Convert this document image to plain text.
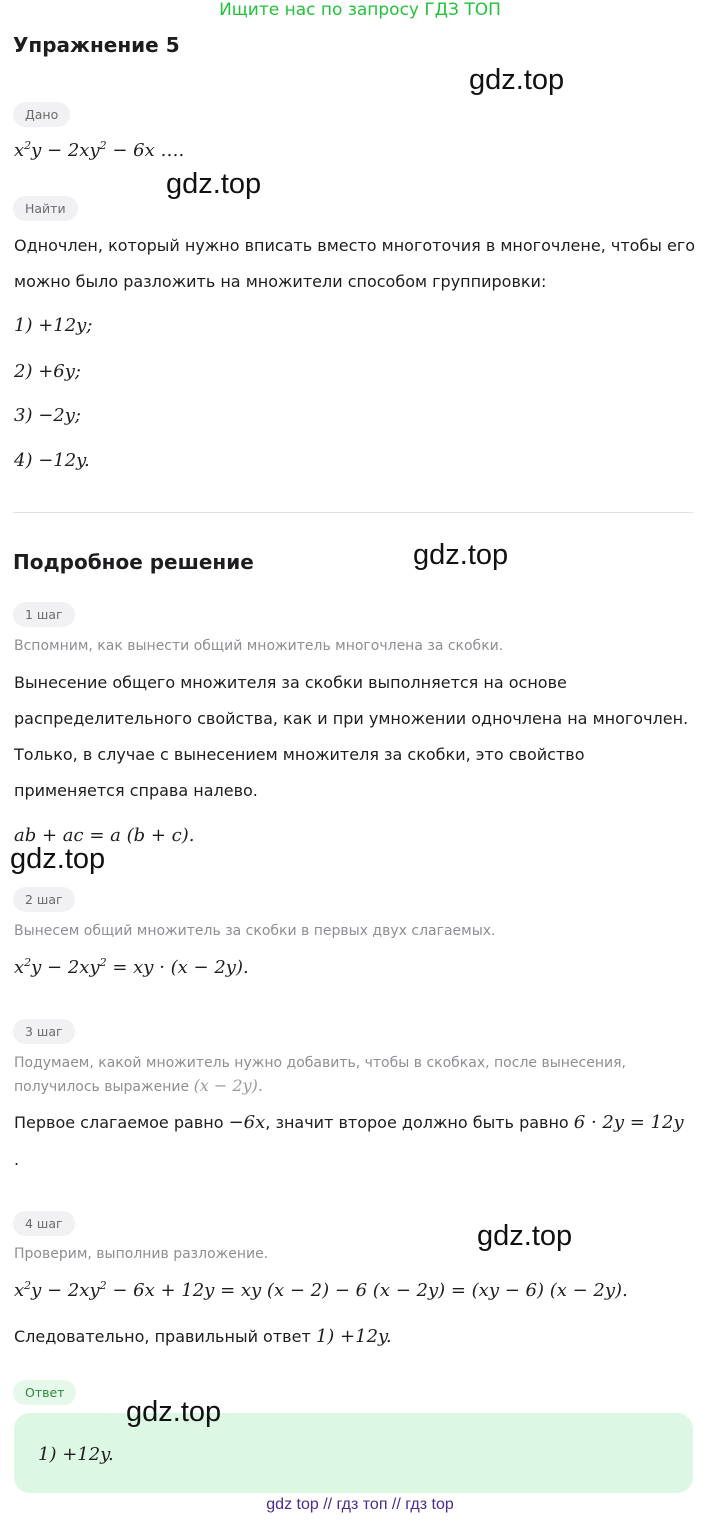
Ищите нас по запросу ГДЗ ТОП
Упражнение 5
gdz.top
Дано
$x^2y - 2xy^2 - 6x$ ….
gdz.top
Найти
Одночлен, который нужно вписать вместо многоточия в многочлене, чтобы его
можно было разложить на множители способом группировки:
1) +12y;
2) +6y;
3) −2y;
4) −12y.
Подробное решение	gdz.top
1 шаг
Вспомним, как вынести общий множитель многочлена за скобки.
Вынесение общего множителя за скобки выполняется на основе
распределительного свойства, как и при умножении одночлена на многочлен.
Только, в случае с вынесением множителя за скобки, это свойство
применяется справа налево.
ab + ac = a (b + c).
gdz.top
2 шаг
Вынесем общий множитель за скобки в первых двух слагаемых.
$x^2y - 2xy^2$ = xy · (x − 2y).
3 шаг
Подумаем, какой множитель нужно добавить, чтобы в скобках, после вынесения,
получилось выражение (x − 2y).
Первое слагаемое равно −6x, значит второе должно быть равно 6 · 2y = 12y
.
4 шаг	gdz.top
Проверим, выполнив разложение.
$x^2y - 2xy^2 - 6x + 12y$ = xy (x − 2) − 6 (x − 2y) = (xy − 6) (x − 2y).
Следовательно, правильный ответ 1) +12y.
Ответ
1) +12y.
gdz.top
gdz top // гдз топ // гдз top
